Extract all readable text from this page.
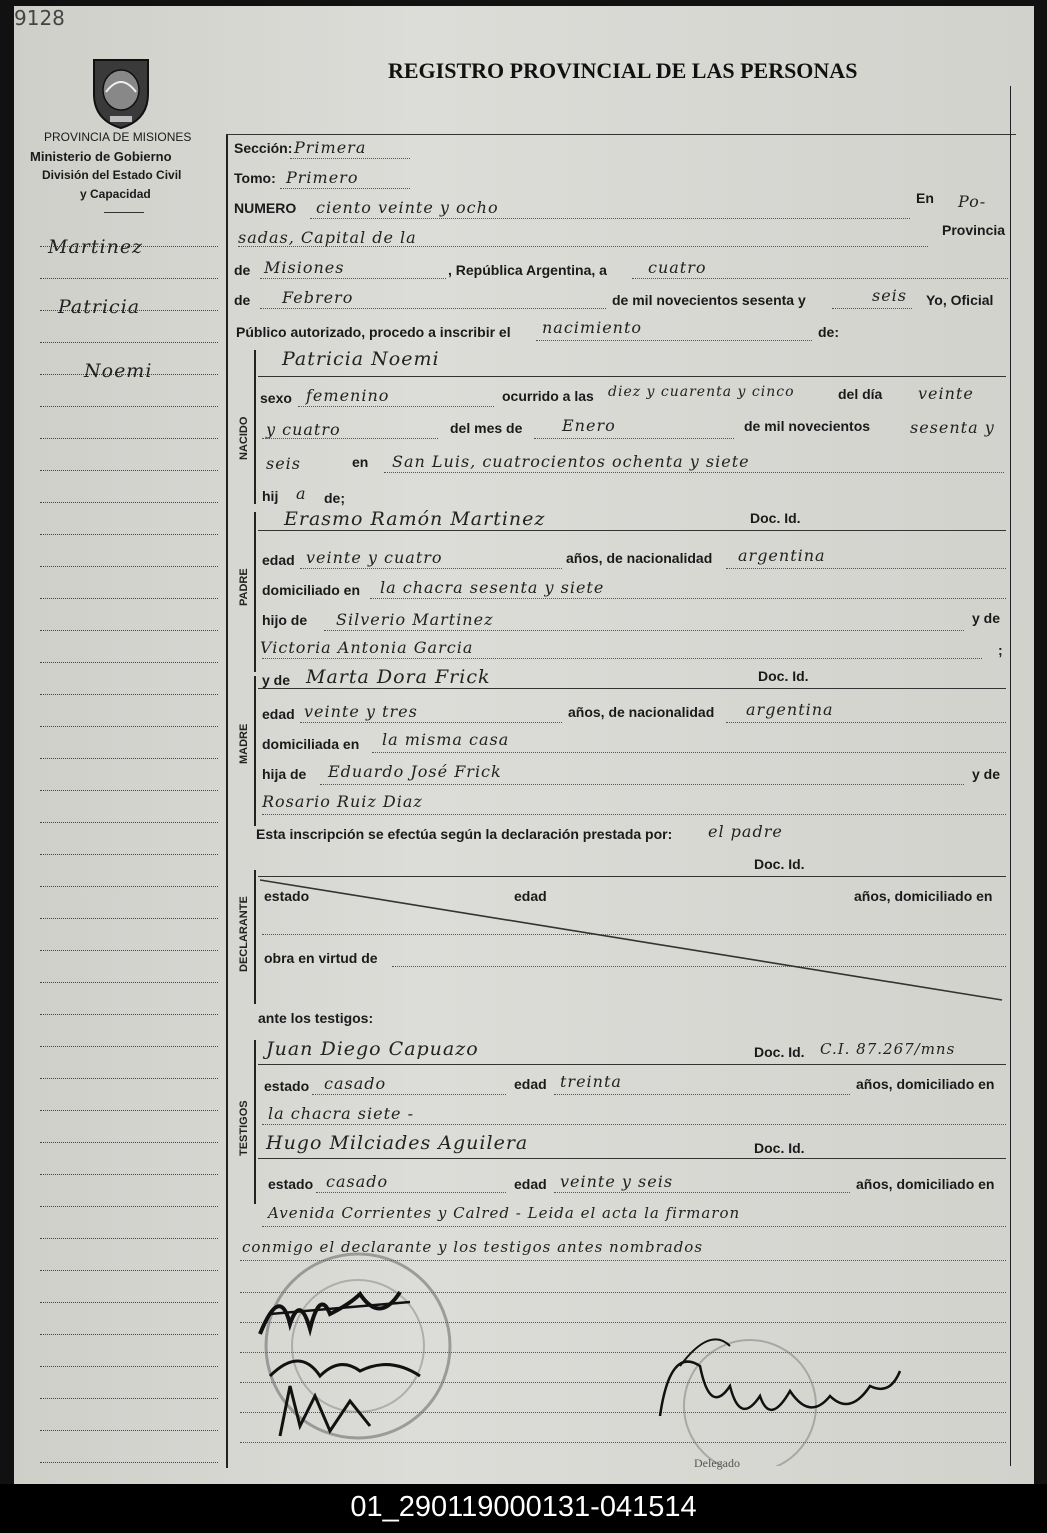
9128
PROVINCIA DE MISIONES
Ministerio de Gobierno
División del Estado Civil
y Capacidad
REGISTRO PROVINCIAL DE LAS PERSONAS
Martinez
Patricia
Noemi
Sección: Primera
Tomo: Primero
NUMERO ciento veinte y ocho	En Po-
sadas, Capital de la	Provincia
de Misiones	, República Argentina, a	cuatro
de Febrero	de mil novecientos sesenta y	seis Yo, Oficial
Público autorizado, procedo a inscribir el nacimiento	de:
NACIDO
Patricia Noemi
sexo femenino	ocurrido a las diez y cuarenta y cinco	del día veinte
y cuatro	del mes de Enero	de mil novecientos sesenta y
seis	en San Luis, cuatrocientos ochenta y siete
hij a de;
PADRE
Erasmo Ramón Martinez	Doc. Id.
edad veinte y cuatro	años, de nacionalidad argentina
domiciliado en la chacra sesenta y siete
hijo de Silverio Martinez	y de
Victoria Antonia Garcia	;
MADRE
y de Marta Dora Frick	Doc. Id.
edad veinte y tres	años, de nacionalidad argentina
domiciliada en la misma casa
hija de Eduardo José Frick	y de
Rosario Ruiz Diaz
Esta inscripción se efectúa según la declaración prestada por: el padre
DECLARANTE
Doc. Id.
estado	edad	años, domiciliado en
obra en virtud de
ante los testigos:
TESTIGOS
Juan Diego Capuazo	Doc. Id. C.I. 87.267/mns
estado casado	edad treinta	años, domiciliado en
la chacra siete -
Hugo Milciades Aguilera	Doc. Id.
estado casado	edad veinte y seis	años, domiciliado en
Avenida Corrientes y Calred - Leida el acta la firmaron
conmigo el declarante y los testigos antes nombrados
Delegado
01_290119000131-041514
